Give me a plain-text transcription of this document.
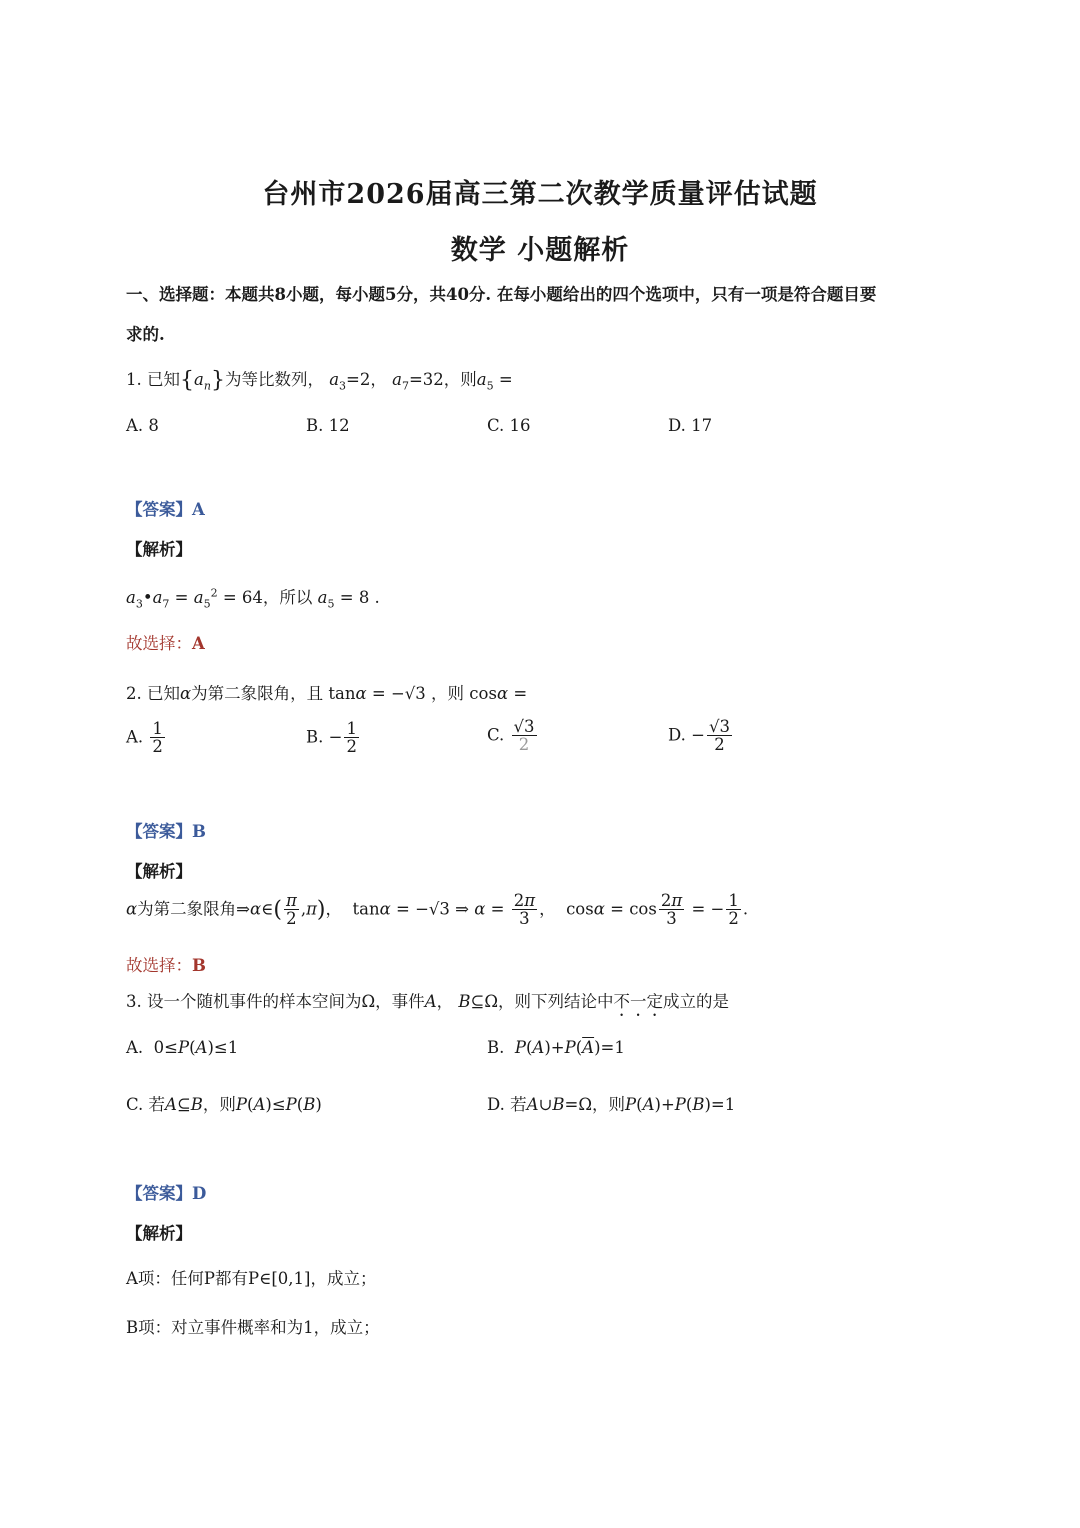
台州市2026届高三第二次教学质量评估试题
数学 小题解析
一、选择题：本题共8小题，每小题5分，共40分. 在每小题给出的四个选项中，只有一项是符合题目要
求的.
1. 已知$\{a_n\}$为等比数列， $a_3=2$， $a_7=32$，则$a_5$ =
A. 8	B. 12	C. 16	D. 17
【答案】A
【解析】
$a_3•a_7 = a_5^2 = 64$，所以 $a_5 = 8$ .
故选择：A
2. 已知α为第二象限角，且 tanα = −√3 ，则 cosα =
A. $\frac{1}{2}$	B. − $\frac{1}{2}$	C. $\frac{√3}{2}$	D. − $\frac{√3}{2}$
【答案】B
【解析】
α为第二象限角⇒α∈( $\frac{\pi}{2} ,\pi$)，  tanα = −√3 ⇒ $\alpha = \frac{2\pi}{3}$ ，  $\cos\alpha = \cos \frac{2\pi}{3}$ = − $\frac{1}{2}$ .
故选择：B
3. 设一个随机事件的样本空间为Ω，事件A， B⊆Ω，则下列结论中不一定成立的是
A.  0≤P(A)≤1	B.  $P(A)+P(\overline{A})=1$
C. 若A⊆B，则P(A)≤P(B)	D. 若A∪B=Ω，则P(A)+P(B)=1
【答案】D
【解析】
A项：任何P都有P∈[0,1]，成立；
B项：对立事件概率和为1，成立；
